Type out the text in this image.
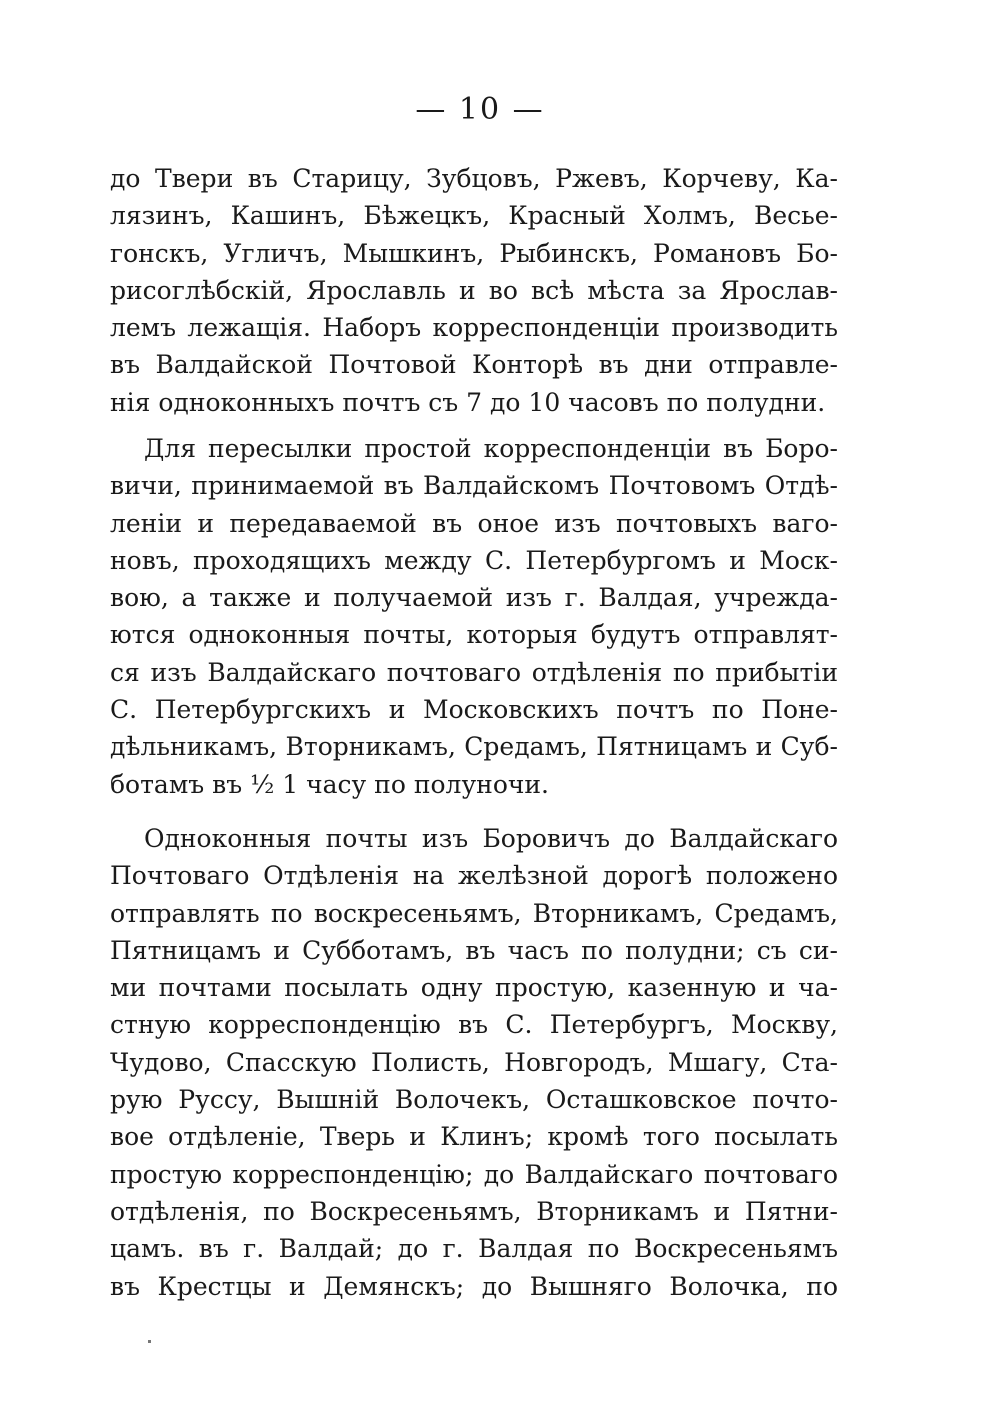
— 10 —
до Твери въ Старицу, Зубцовъ, Ржевъ, Корчеву, Ка-
лязинъ, Кашинъ, Бѣжецкъ, Красный Холмъ, Весье-
гонскъ, Угличъ, Мышкинъ, Рыбинскъ, Романовъ Бо-
рисоглѣбскій, Ярославль и во всѣ мѣста за Ярослав-
лемъ лежащія. Наборъ корреспонденціи производить
въ Валдайской Почтовой Конторѣ въ дни отправле-
нія одноконныхъ почтъ съ 7 до 10 часовъ по полудни.
Для пересылки простой корреспонденціи въ Боро-
вичи, принимаемой въ Валдайскомъ Почтовомъ Отдѣ-
леніи и передаваемой въ оное изъ почтовыхъ ваго-
новъ, проходящихъ между С. Петербургомъ и Моск-
вою, а также и получаемой изъ г. Валдая, учрежда-
ются одноконныя почты, которыя будутъ отправлят-
ся изъ Валдайскаго почтоваго отдѣленія по прибытіи
С. Петербургскихъ и Московскихъ почтъ по Поне-
дѣльникамъ, Вторникамъ, Средамъ, Пятницамъ и Суб-
ботамъ въ ½ 1 часу по полуночи.
Одноконныя почты изъ Боровичъ до Валдайскаго
Почтоваго Отдѣленія на желѣзной дорогѣ положено
отправлять по воскресеньямъ, Вторникамъ, Средамъ,
Пятницамъ и Субботамъ, въ часъ по полудни; съ си-
ми почтами посылать одну простую, казенную и ча-
стную корреспонденцію въ С. Петербургъ, Москву,
Чудово, Спасскую Полисть, Новгородъ, Мшагу, Ста-
рую Руссу, Вышній Волочекъ, Осташковское почто-
вое отдѣленіе, Тверь и Клинъ; кромѣ того посылать
простую корреспонденцію; до Валдайскаго почтоваго
отдѣленія, по Воскресеньямъ, Вторникамъ и Пятни-
цамъ. въ г. Валдай; до г. Валдая по Воскресеньямъ
въ Крестцы и Демянскъ; до Вышняго Волочка, по
